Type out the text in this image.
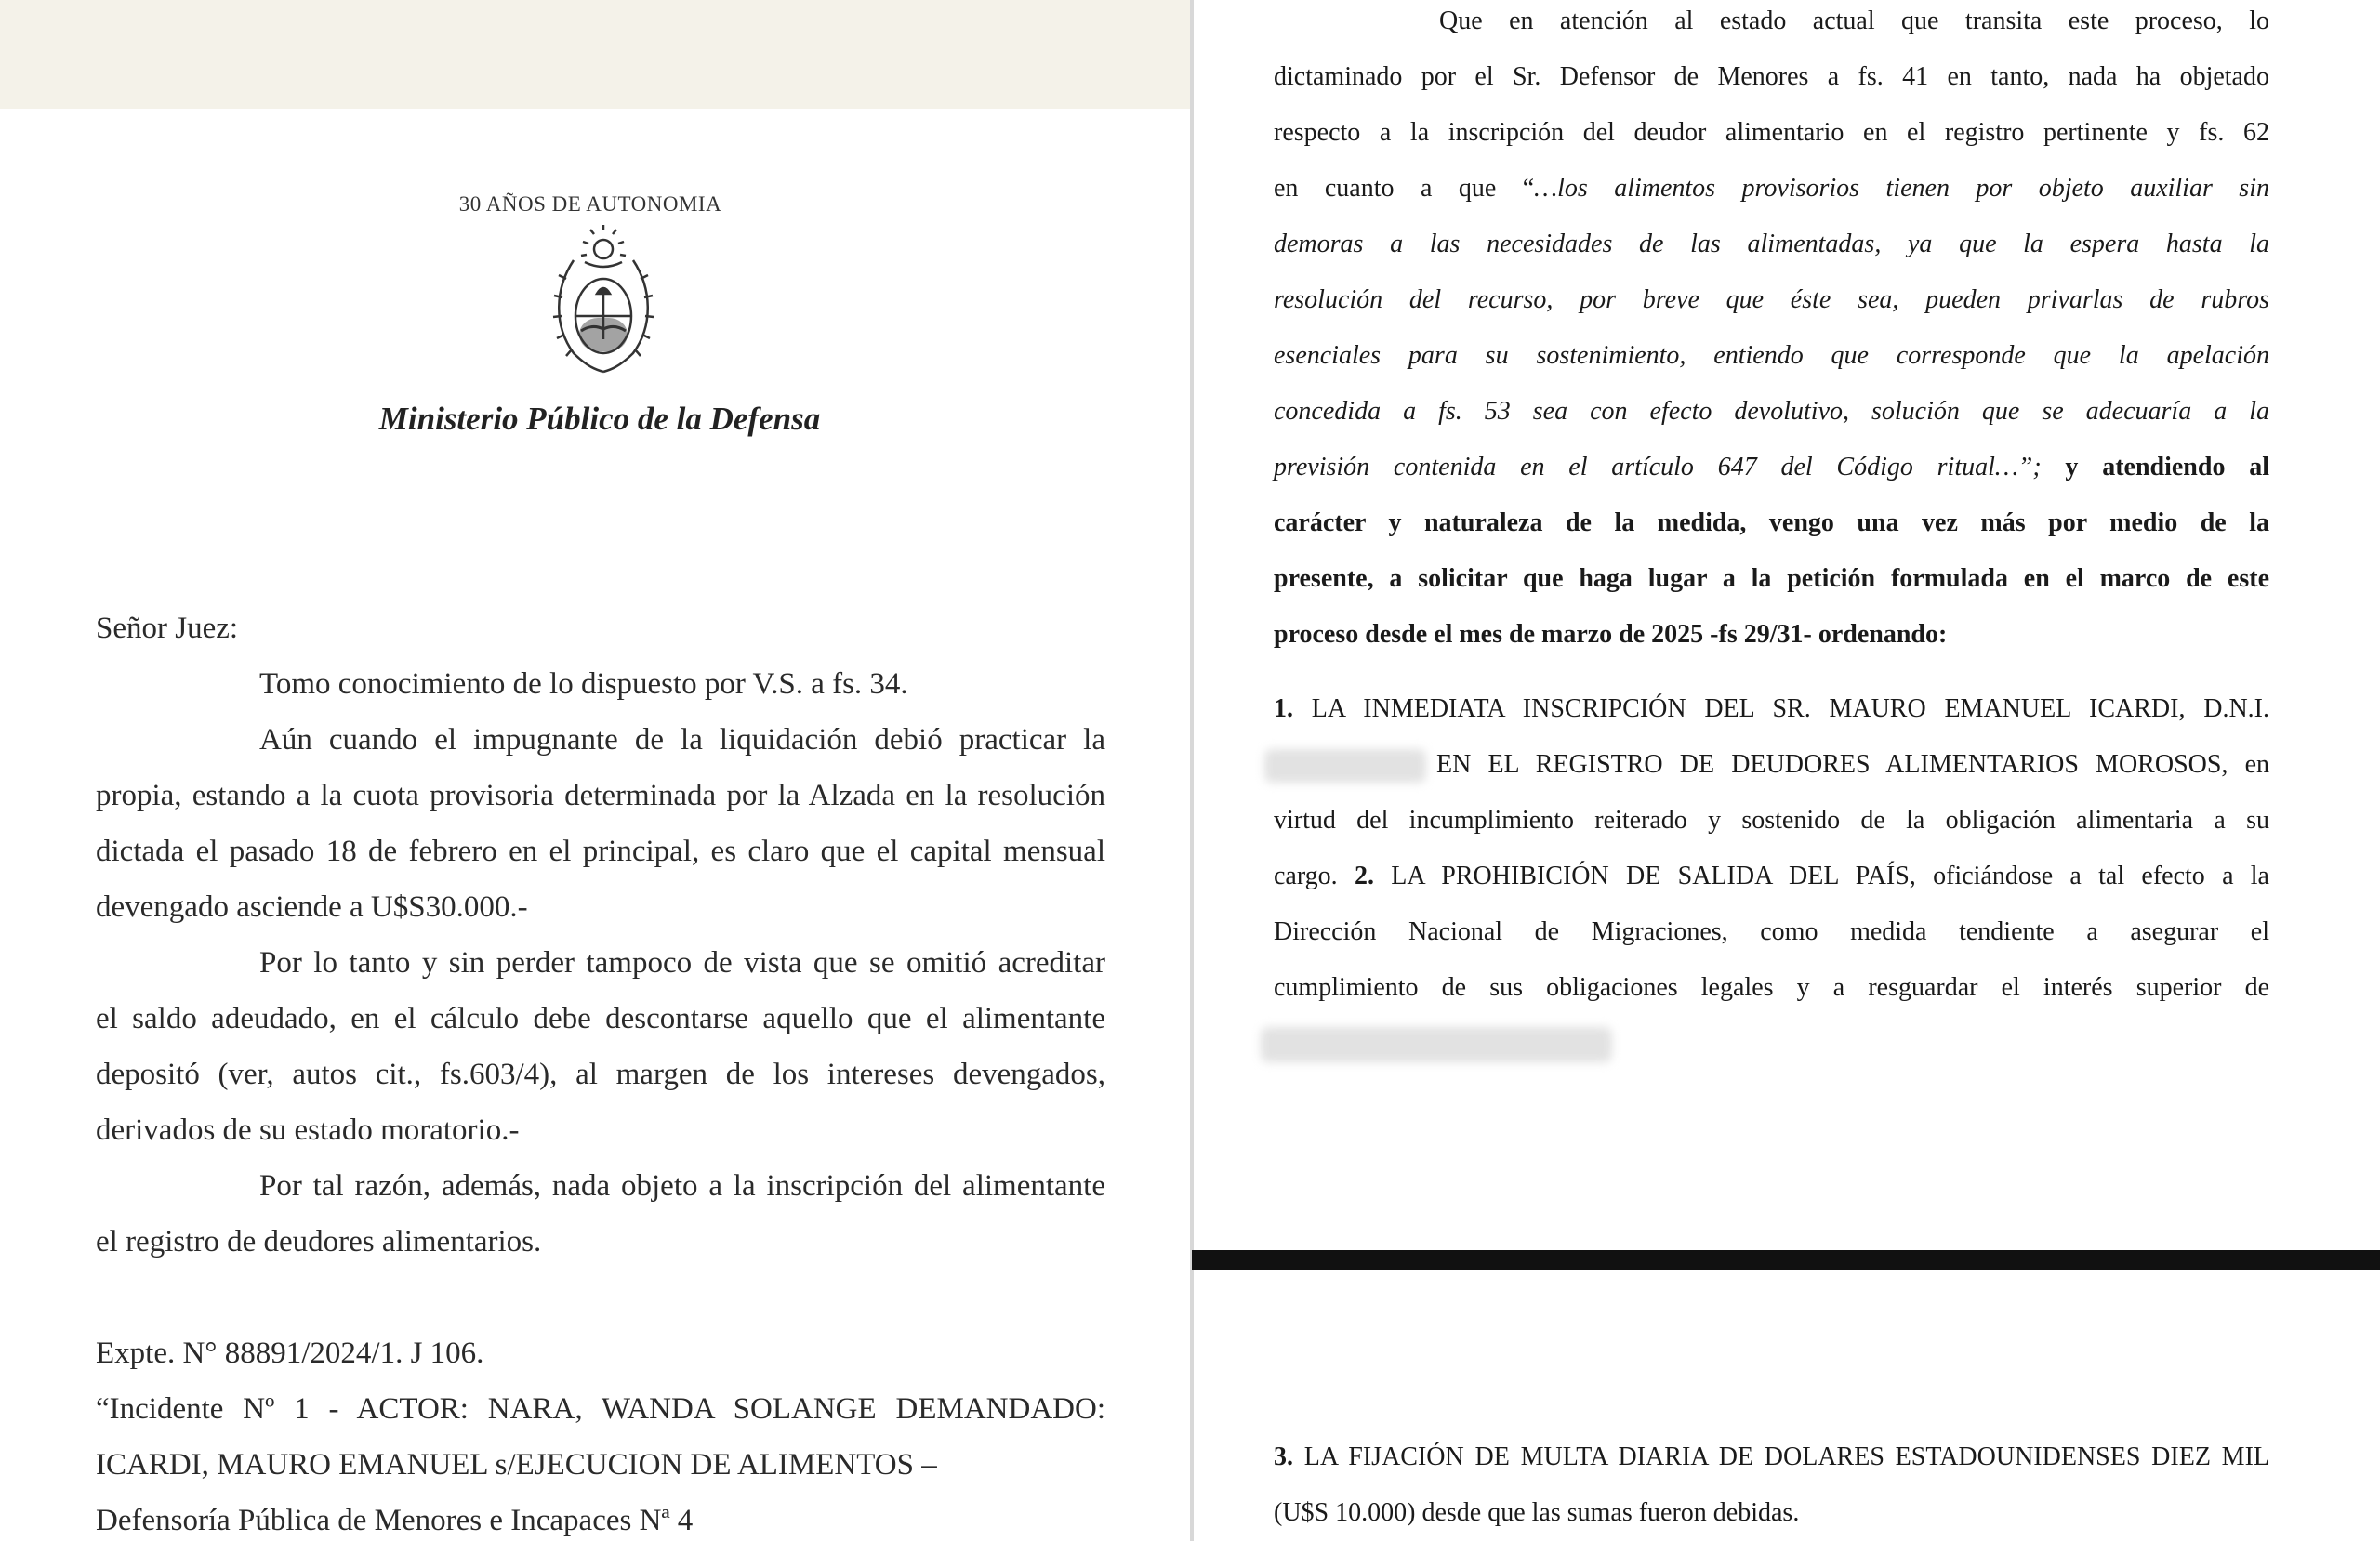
30 AÑOS DE AUTONOMIA
Ministerio Público de la Defensa
Señor Juez:
Tomo conocimiento de lo dispuesto por V.S. a fs. 34.
Aún cuando el impugnante de la liquidación debió practicar la
propia, estando a la cuota provisoria determinada por la Alzada en la resolución
dictada el pasado 18 de febrero en el principal, es claro que el capital mensual
devengado asciende a U$S30.000.-
Por lo tanto y sin perder tampoco de vista que se omitió acreditar
el saldo adeudado, en el cálculo debe descontarse aquello que el alimentante
depositó (ver, autos cit., fs.603/4), al margen de los intereses devengados,
derivados de su estado moratorio.-
Por tal razón, además, nada objeto a la inscripción del alimentante
el registro de deudores alimentarios.
Expte. N° 88891/2024/1. J 106.
“Incidente Nº 1 - ACTOR: NARA, WANDA SOLANGE DEMANDADO:
ICARDI, MAURO EMANUEL s/EJECUCION DE ALIMENTOS –
Defensoría Pública de Menores e Incapaces Nª 4
Que en atención al estado actual que transita este proceso, lo
dictaminado por el Sr. Defensor de Menores a fs. 41 en tanto, nada ha objetado
respecto a la inscripción del deudor alimentario en el registro pertinente y fs. 62
en cuanto a que “…los alimentos provisorios tienen por objeto auxiliar sin
demoras a las necesidades de las alimentadas, ya que la espera hasta la
resolución del recurso, por breve que éste sea, pueden privarlas de rubros
esenciales para su sostenimiento, entiendo que corresponde que la apelación
concedida a fs. 53 sea con efecto devolutivo, solución que se adecuaría a la
previsión contenida en el artículo 647 del Código ritual…”; y atendiendo al
carácter y naturaleza de la medida, vengo una vez más por medio de la
presente, a solicitar que haga lugar a la petición formulada en el marco de este
proceso desde el mes de marzo de 2025 -fs 29/31- ordenando:
1. LA INMEDIATA INSCRIPCIÓN DEL SR. MAURO EMANUEL ICARDI, D.N.I.
EN EL REGISTRO DE DEUDORES ALIMENTARIOS MOROSOS, en
virtud del incumplimiento reiterado y sostenido de la obligación alimentaria a su
cargo. 2. LA PROHIBICIÓN DE SALIDA DEL PAÍS, oficiándose a tal efecto a la
Dirección Nacional de Migraciones, como medida tendiente a asegurar el
cumplimiento de sus obligaciones legales y a resguardar el interés superior de
3. LA FIJACIÓN DE MULTA DIARIA DE DOLARES ESTADOUNIDENSES DIEZ MIL
(U$S 10.000) desde que las sumas fueron debidas.
